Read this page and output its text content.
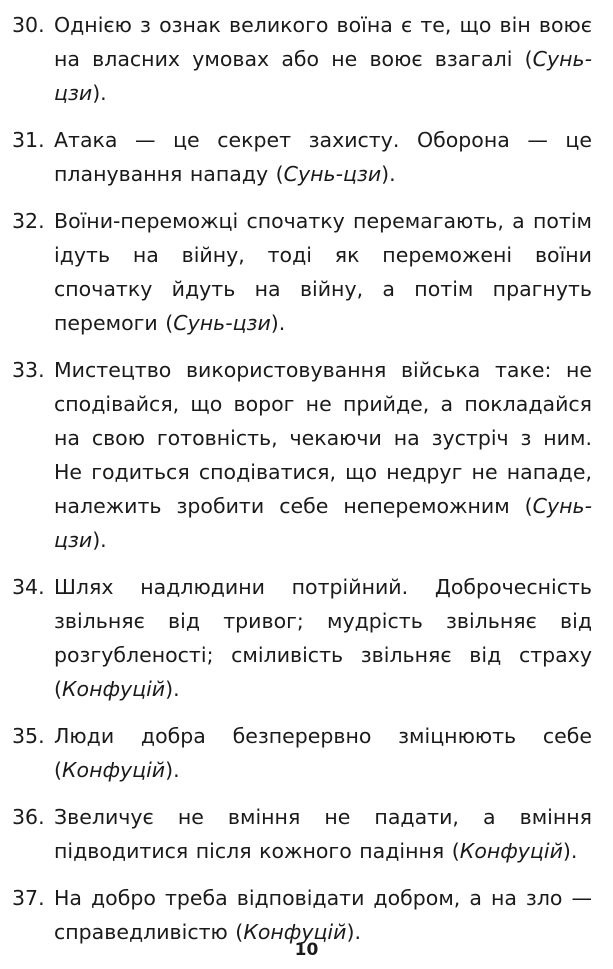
30. Однією з ознак великого воїна є те, що він воює на власних умовах або не воює взагалі (Сунь-цзи).
31. Атака — це секрет захисту. Оборона — це планування нападу (Сунь-цзи).
32. Воїни-переможці спочатку перемагають, а потім ідуть на війну, тоді як переможені воїни спочатку йдуть на війну, а потім прагнуть перемоги (Сунь-цзи).
33. Мистецтво використовування війська таке: не сподівайся, що ворог не прийде, а покладайся на свою готовність, чекаючи на зустріч з ним. Не годиться сподіватися, що недруг не нападе, належить зробити себе непереможним (Сунь-цзи).
34. Шлях надлюдини потрійний. Доброчесність звільняє від тривог; мудрість звільняє від розгубленості; сміливість звільняє від страху (Конфуцій).
35. Люди добра безперервно зміцнюють себе (Конфуцій).
36. Звеличує не вміння не падати, а вміння підводитися після кожного падіння (Конфуцій).
37. На добро треба відповідати добром, а на зло — справедливістю (Конфуцій).
10
